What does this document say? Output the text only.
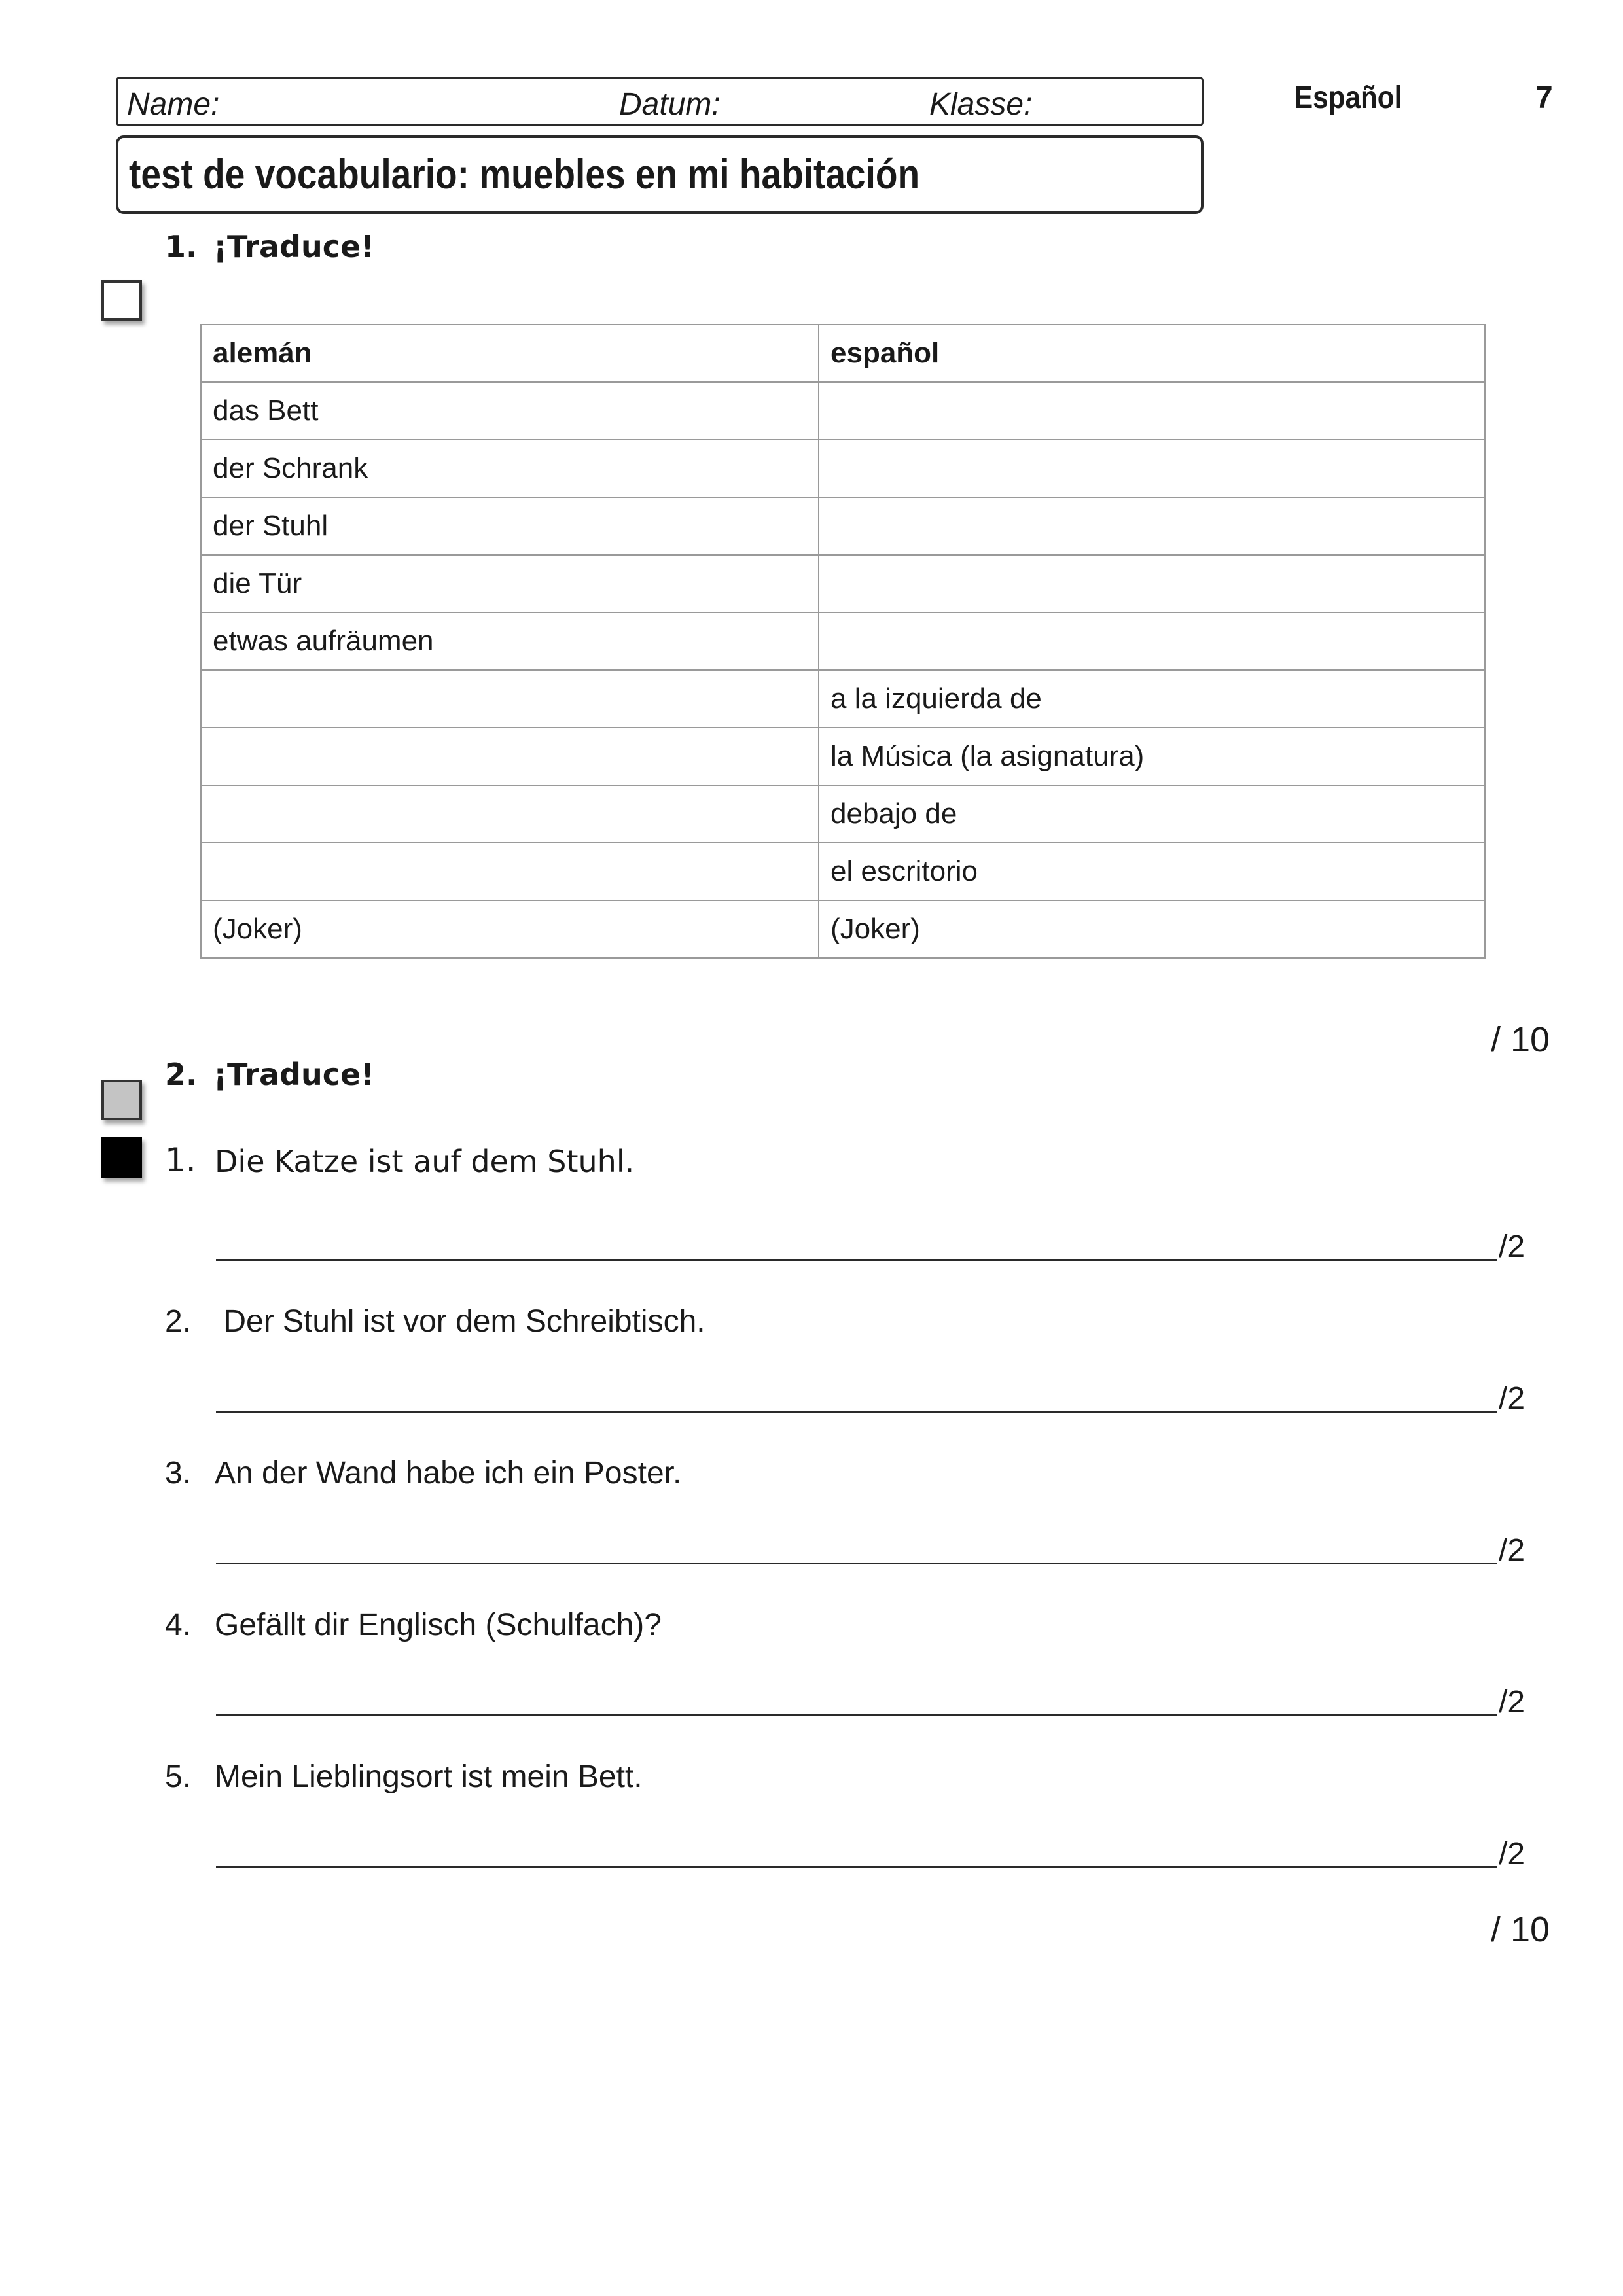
Name:	Datum:	Klasse:	Español	7
test de vocabulario: muebles en mi habitación
1. ¡Traduce!
alemán	español
das Bett	
der Schrank	
der Stuhl	
die Tür	
etwas aufräumen	
	a la izquierda de
	la Música (la asignatura)
	debajo de
	el escritorio
(Joker)	(Joker)
/ 10
2. ¡Traduce!
1. Die Katze ist auf dem Stuhl.
/2
2. Der Stuhl ist vor dem Schreibtisch.
/2
3. An der Wand habe ich ein Poster.
/2
4. Gefällt dir Englisch (Schulfach)?
/2
5. Mein Lieblingsort ist mein Bett.
/2
/ 10
